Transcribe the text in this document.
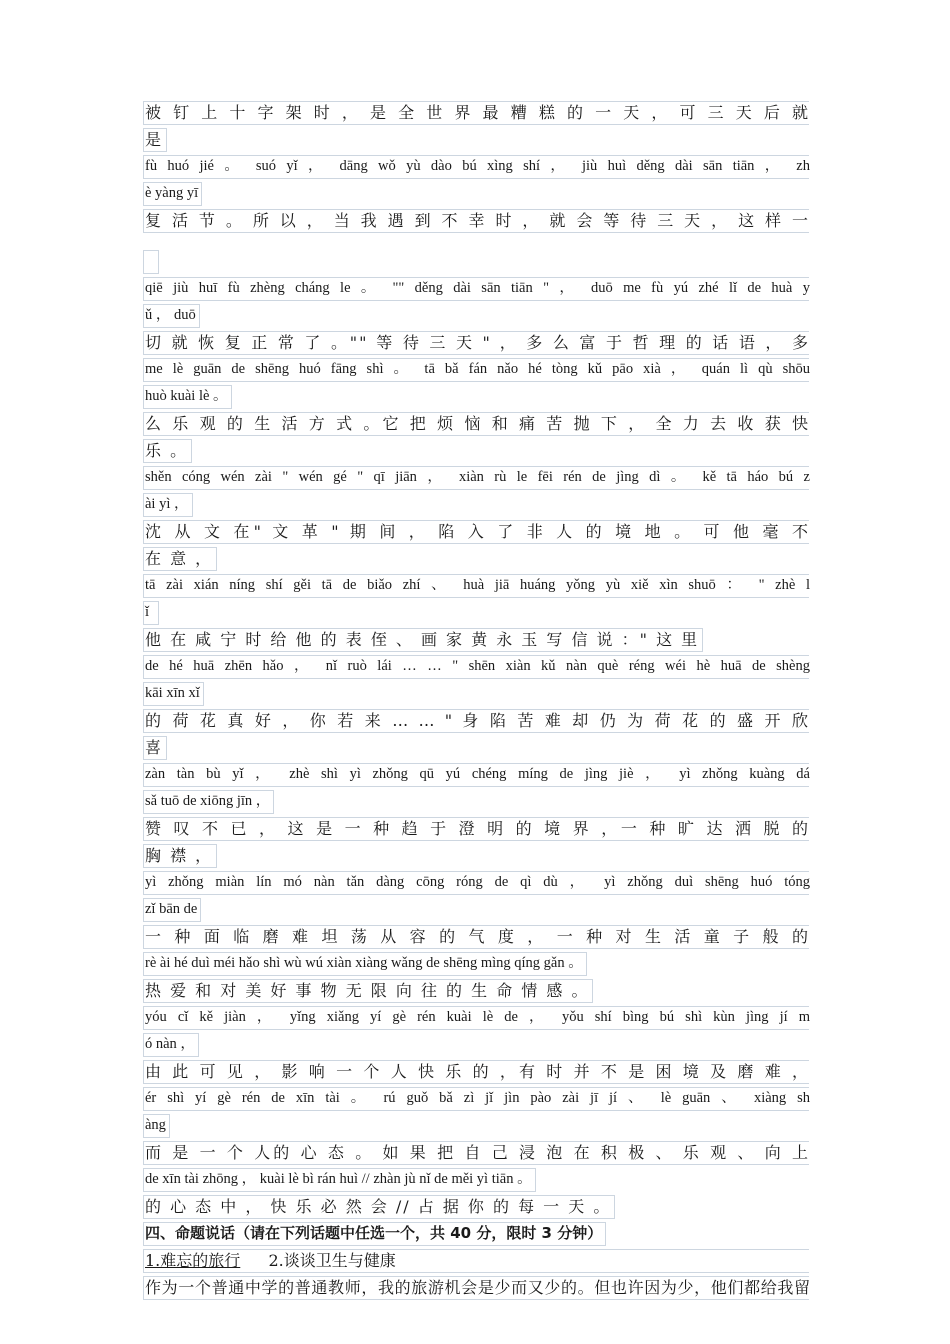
被 钉 上 十 字 架 时 ， 是 全 世 界 最 糟 糕 的 一 天 ， 可 三 天 后 就
是
fù huó jié 。 suó yǐ ， dāng wǒ yù dào bú xìng shí ， jiù huì děng dài sān tiān ， zh
è yàng yī
复 活 节 。 所 以 ， 当 我 遇 到 不 幸 时 ， 就 会 等 待 三 天 ， 这 样 一
qiē jiù huī fù zhèng cháng le 。 "" děng dài sān tiān " ， duō me fù yú zhé lǐ de huà y
ǔ ， duō
切 就 恢 复 正 常 了 。"" 等 待 三 天 " ， 多 么 富 于 哲 理 的 话 语 ， 多
me lè guān de shēng huó fāng shì 。 tā bǎ fán nǎo hé tòng kǔ pāo xià ， quán lì qù shōu
huò kuài lè 。
么 乐 观 的 生 活 方 式 。它 把 烦 恼 和 痛 苦 抛 下 ， 全 力 去 收 获 快
乐 。
shěn cóng wén zài " wén gé " qī jiān ， xiàn rù le fēi rén de jìng dì 。 kě tā háo bú z
ài yì ，
沈 从 文 在" 文 革 " 期 间 ， 陷 入 了 非 人 的 境 地 。 可 他 毫 不
在 意 ，
tā zài xián níng shí gěi tā de biǎo zhí 、 huà jiā huáng yǒng yù xiě xìn shuō ： " zhè l
ǐ
他 在 咸 宁 时 给 他 的 表 侄 、 画 家 黄 永 玉 写 信 说 ：" 这 里
de hé huā zhēn hǎo ， nǐ ruò lái … … " shēn xiàn kǔ nàn què réng wéi hè huā de shèng
kāi xīn xǐ
的 荷 花 真 好 ， 你 若 来 … … " 身 陷 苦 难 却 仍 为 荷 花 的 盛 开 欣
喜
zàn tàn bù yǐ ， zhè shì yì zhǒng qū yú chéng míng de jìng jiè ， yì zhǒng kuàng dá
sǎ tuō de xiōng jīn ，
赞 叹 不 已 ， 这 是 一 种 趋 于 澄 明 的 境 界 ，一 种 旷 达 洒 脱 的
胸 襟 ，
yì zhǒng miàn lín mó nàn tǎn dàng cōng róng de qì dù ， yì zhǒng duì shēng huó tóng
zǐ bān de
一 种 面 临 磨 难 坦 荡 从 容 的 气 度 ， 一 种 对 生 活 童 子 般 的
rè ài hé duì méi hǎo shì wù wú xiàn xiàng wǎng de shēng mìng qíng gǎn 。
热 爱 和 对 美 好 事 物 无 限 向 往 的 生 命 情 感 。
yóu cǐ kě jiàn ， yǐng xiǎng yí gè rén kuài lè de ， yǒu shí bìng bú shì kùn jìng jí m
ó nàn ，
由 此 可 见 ， 影 响 一 个 人 快 乐 的 ，有 时 并 不 是 困 境 及 磨 难 ，
ér shì yí gè rén de xīn tài 。 rú guǒ bǎ zì jǐ jìn pào zài jī jí 、 lè guān 、 xiàng sh
àng
而 是 一 个 人的 心 态 。 如 果 把 自 己 浸 泡 在 积 极 、 乐 观 、 向 上
de xīn tài zhōng ， kuài lè bì rán huì // zhàn jù nǐ de měi yì tiān 。
的 心 态 中 ， 快 乐 必 然 会 // 占 据 你 的 每 一 天 。
四、命题说话（请在下列话题中任选一个，共 40 分，限时 3 分钟）
1.难忘的旅行 2.谈谈卫生与健康
作为一个普通中学的普通教师，我的旅游机会是少而又少的。但也许因为少，他们都给我留
